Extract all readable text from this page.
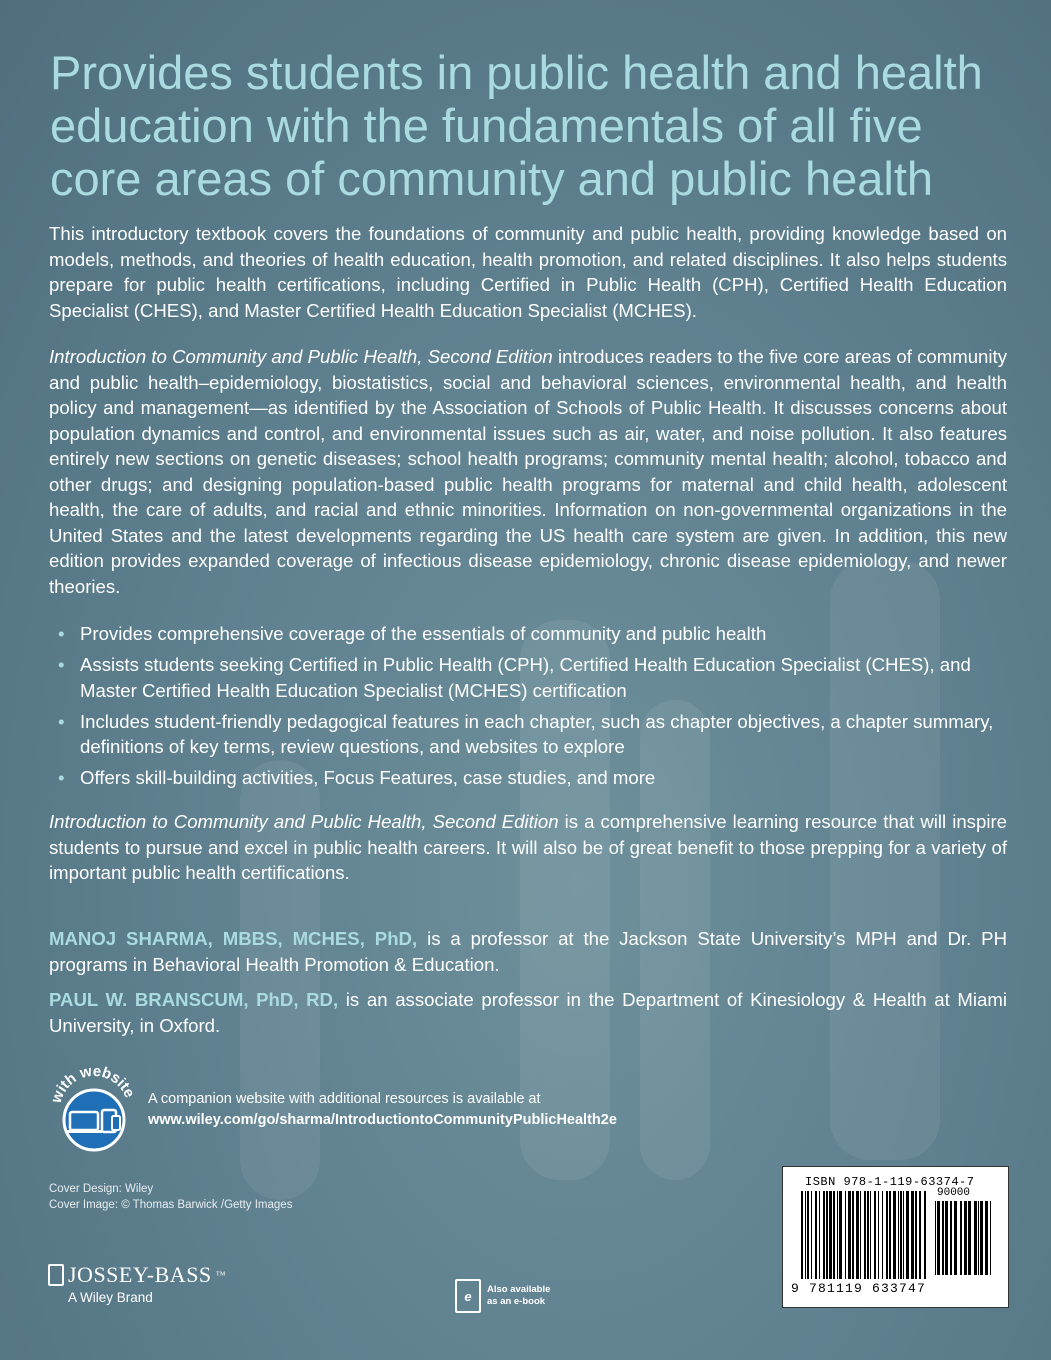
Provides students in public health and health education with the fundamentals of all five core areas of community and public health

This introductory textbook covers the foundations of community and public health, providing knowledge based on models, methods, and theories of health education, health promotion, and related disciplines. It also helps students prepare for public health certifications, including Certified in Public Health (CPH), Certified Health Education Specialist (CHES), and Master Certified Health Education Specialist (MCHES).

Introduction to Community and Public Health, Second Edition introduces readers to the five core areas of community and public health–epidemiology, biostatistics, social and behavioral sciences, environmental health, and health policy and management—as identified by the Association of Schools of Public Health. It discusses concerns about population dynamics and control, and environmental issues such as air, water, and noise pollution. It also features entirely new sections on genetic diseases; school health programs; community mental health; alcohol, tobacco and other drugs; and designing population-based public health programs for maternal and child health, adolescent health, the care of adults, and racial and ethnic minorities. Information on non-governmental organizations in the United States and the latest developments regarding the US health care system are given. In addition, this new edition provides expanded coverage of infectious disease epidemiology, chronic disease epidemiology, and newer theories.

• Provides comprehensive coverage of the essentials of community and public health
• Assists students seeking Certified in Public Health (CPH), Certified Health Education Specialist (CHES), and Master Certified Health Education Specialist (MCHES) certification
• Includes student-friendly pedagogical features in each chapter, such as chapter objectives, a chapter summary, definitions of key terms, review questions, and websites to explore
• Offers skill-building activities, Focus Features, case studies, and more

Introduction to Community and Public Health, Second Edition is a comprehensive learning resource that will inspire students to pursue and excel in public health careers. It will also be of great benefit to those prepping for a variety of important public health certifications.

MANOJ SHARMA, MBBS, MCHES, PhD, is a professor at the Jackson State University’s MPH and Dr. PH programs in Behavioral Health Promotion & Education.

PAUL W. BRANSCUM, PhD, RD, is an associate professor in the Department of Kinesiology & Health at Miami University, in Oxford.

with website A companion website with additional resources is available at
www.wiley.com/go/sharma/IntroductiontoCommunityPublicHealth2e
Cover Design: Wiley
Cover Image: © Thomas Barwick /Getty Images
JOSSEY-BASS ™
A Wiley Brand	e	Also available
as an e-book
ISBN 978-1-119-63374-7
90000
9 781119 633747
